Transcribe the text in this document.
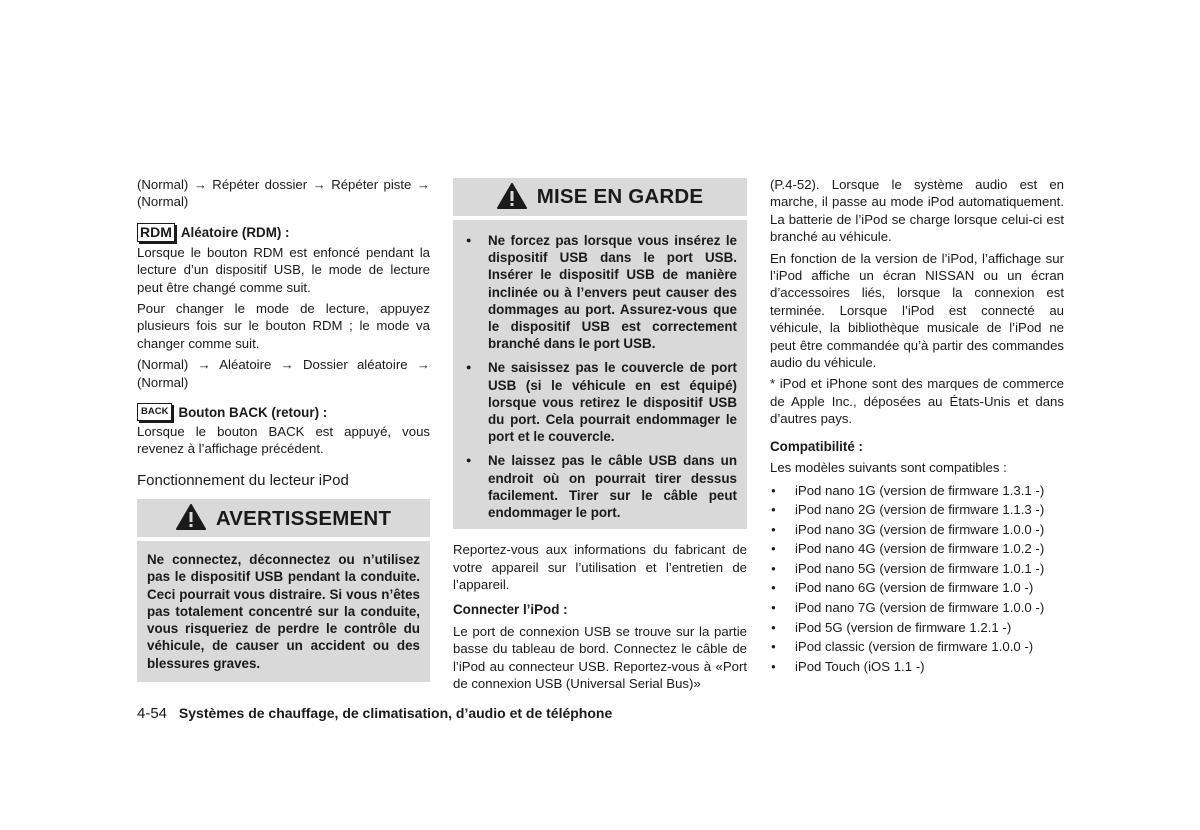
(Normal) → Répéter dossier → Répéter piste → (Normal)

RDM Aléatoire (RDM) :

Lorsque le bouton RDM est enfoncé pendant la lecture d’un dispositif USB, le mode de lecture peut être changé comme suit.

Pour changer le mode de lecture, appuyez plusieurs fois sur le bouton RDM ; le mode va changer comme suit.

(Normal) → Aléatoire → Dossier aléatoire → (Normal)

BACK Bouton BACK (retour) :

Lorsque le bouton BACK est appuyé, vous revenez à l’affichage précédent.

Fonctionnement du lecteur iPod
AVERTISSEMENT

Ne connectez, déconnectez ou n’utilisez pas le dispositif USB pendant la conduite. Ceci pourrait vous distraire. Si vous n’êtes pas totalement concentré sur la conduite, vous risqueriez de perdre le contrôle du véhicule, de causer un accident ou des blessures graves.

MISE EN GARDE
● Ne forcez pas lorsque vous insérez le dispositif USB dans le port USB. Insérer le dispositif USB de manière inclinée ou à l’envers peut causer des dommages au port. Assurez-vous que le dispositif USB est correctement branché dans le port USB.
● Ne saisissez pas le couvercle de port USB (si le véhicule en est équipé) lorsque vous retirez le dispositif USB du port. Cela pourrait endommager le port et le couvercle.
● Ne laissez pas le câble USB dans un endroit où on pourrait tirer dessus facilement. Tirer sur le câble peut endommager le port.

Reportez-vous aux informations du fabricant de votre appareil sur l’utilisation et l’entretien de l’appareil.

Connecter l’iPod :

Le port de connexion USB se trouve sur la partie basse du tableau de bord. Connectez le câble de l’iPod au connecteur USB. Reportez-vous à «Port de connexion USB (Universal Serial Bus)»

(P.4-52). Lorsque le système audio est en marche, il passe au mode iPod automatiquement. La batterie de l’iPod se charge lorsque celui-ci est branché au véhicule.

En fonction de la version de l’iPod, l’affichage sur l’iPod affiche un écran NISSAN ou un écran d’accessoires liés, lorsque la connexion est terminée. Lorsque l’iPod est connecté au véhicule, la bibliothèque musicale de l’iPod ne peut être commandée qu’à partir des commandes audio du véhicule.

* iPod et iPhone sont des marques de commerce de Apple Inc., déposées au États-Unis et dans d’autres pays.

Compatibilité :

Les modèles suivants sont compatibles :

● iPod nano 1G (version de firmware 1.3.1 -)
● iPod nano 2G (version de firmware 1.1.3 -)
● iPod nano 3G (version de firmware 1.0.0 -)
● iPod nano 4G (version de firmware 1.0.2 -)
● iPod nano 5G (version de firmware 1.0.1 -)
● iPod nano 6G (version de firmware 1.0 -)
● iPod nano 7G (version de firmware 1.0.0 -)
● iPod 5G (version de firmware 1.2.1 -)
● iPod classic (version de firmware 1.0.0 -)
● iPod Touch (iOS 1.1 -)
4-54 Systèmes de chauffage, de climatisation, d’audio et de téléphone
